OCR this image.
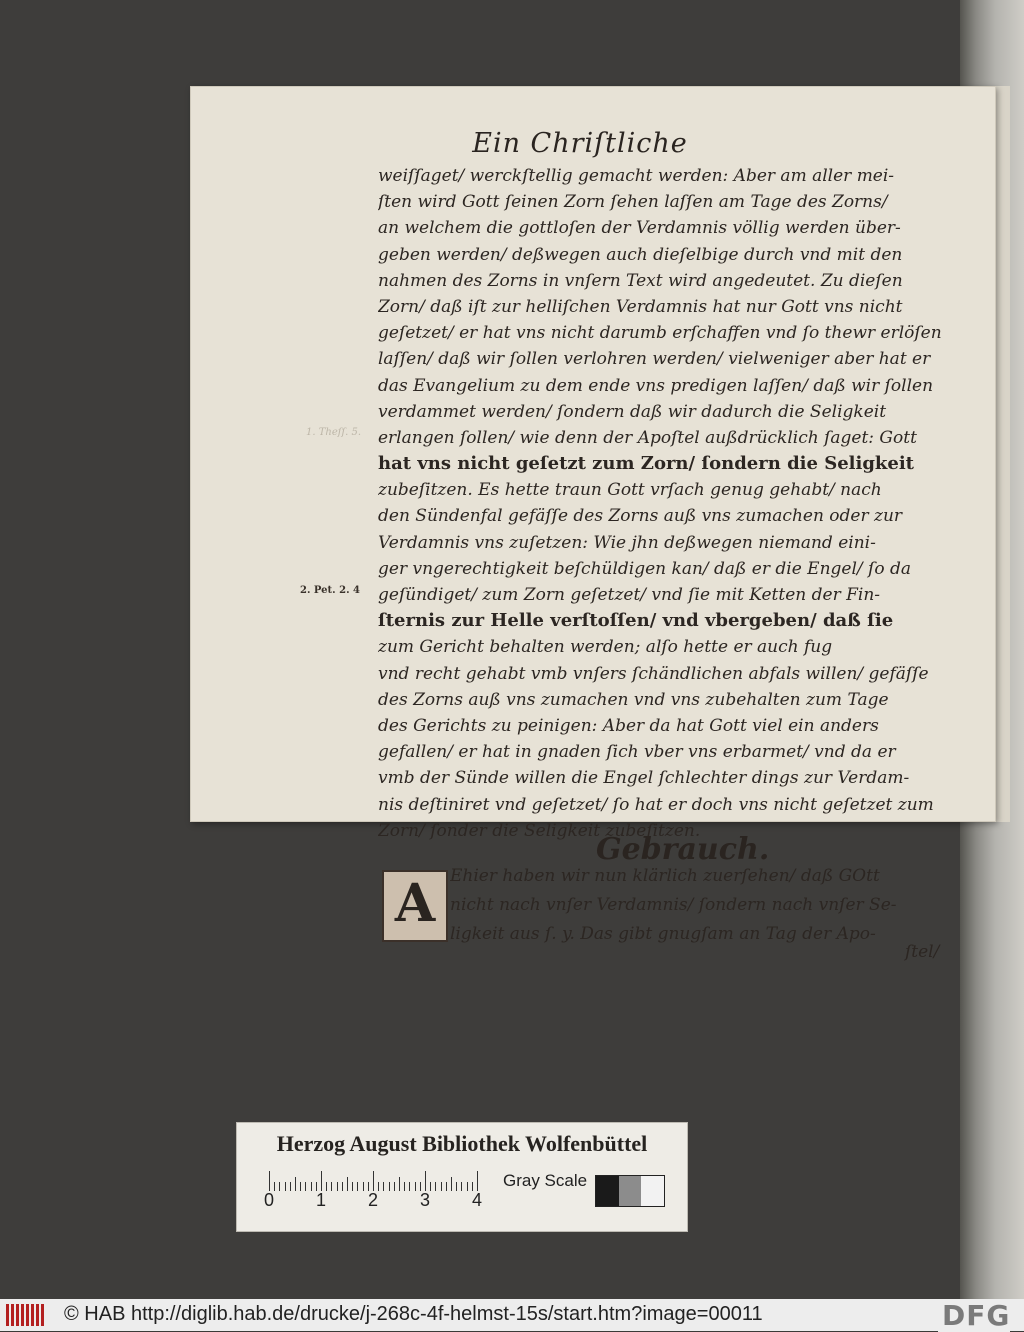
Ein Chriſtliche
weiſſaget/ werckſtellig gemacht werden: Aber am aller mei-
ſten wird Gott ſeinen Zorn ſehen laſſen am Tage des Zorns/
an welchem die gottloſen der Verdamnis völlig werden über-
geben werden/ deßwegen auch dieſelbige durch vnd mit den
nahmen des Zorns in vnſern Text wird angedeutet. Zu dieſen
Zorn/ daß iſt zur helliſchen Verdamnis hat nur Gott vns nicht
geſetzet/ er hat vns nicht darumb erſchaffen vnd ſo thewr erlöſen
laſſen/ daß wir ſollen verlohren werden/ vielweniger aber hat er
das Evangelium zu dem ende vns predigen laſſen/ daß wir ſollen
verdammet werden/ ſondern daß wir dadurch die Seligkeit
erlangen ſollen/ wie denn der Apoſtel außdrücklich ſaget: Gott
hat vns nicht geſetzt zum Zorn/ ſondern die Seligkeit
zubeſitzen. Es hette traun Gott vrſach genug gehabt/ nach
den Sündenfal gefäſſe des Zorns auß vns zumachen oder zur
Verdamnis vns zuſetzen: Wie jhn deßwegen niemand eini-
ger vngerechtigkeit beſchüldigen kan/ daß er die Engel/ ſo da
geſündiget/ zum Zorn geſetzet/ vnd ſie mit Ketten der Fin-
ſternis zur Helle verſtoſſen/ vnd vbergeben/ daß ſie
zum Gericht behalten werden; alſo hette er auch fug
vnd recht gehabt vmb vnſers ſchändlichen abfals willen/ gefäſſe
des Zorns auß vns zumachen vnd vns zubehalten zum Tage
des Gerichts zu peinigen: Aber da hat Gott viel ein anders
gefallen/ er hat in gnaden ſich vber vns erbarmet/ vnd da er
vmb der Sünde willen die Engel ſchlechter dings zur Verdam-
nis deſtiniret vnd geſetzet/ ſo hat er doch vns nicht geſetzet zum
Zorn/ ſonder die Seligkeit zubeſitzen.
1. Theſſ. 5.
2. Pet. 2. 4
Gebrauch.
A Ehier haben wir nun klärlich zuerſehen/ daß GOtt
nicht nach vnſer Verdamnis/ ſondern nach vnſer Se-
ligkeit aus ſ. y. Das gibt gnugſam an Tag der Apo-
ſtel/
Herzog August Bibliothek Wolfenbüttel
0 1 2 3 4
Gray Scale
© HAB http://diglib.hab.de/drucke/j-268c-4f-helmst-15s/start.htm?image=00011	DFG
